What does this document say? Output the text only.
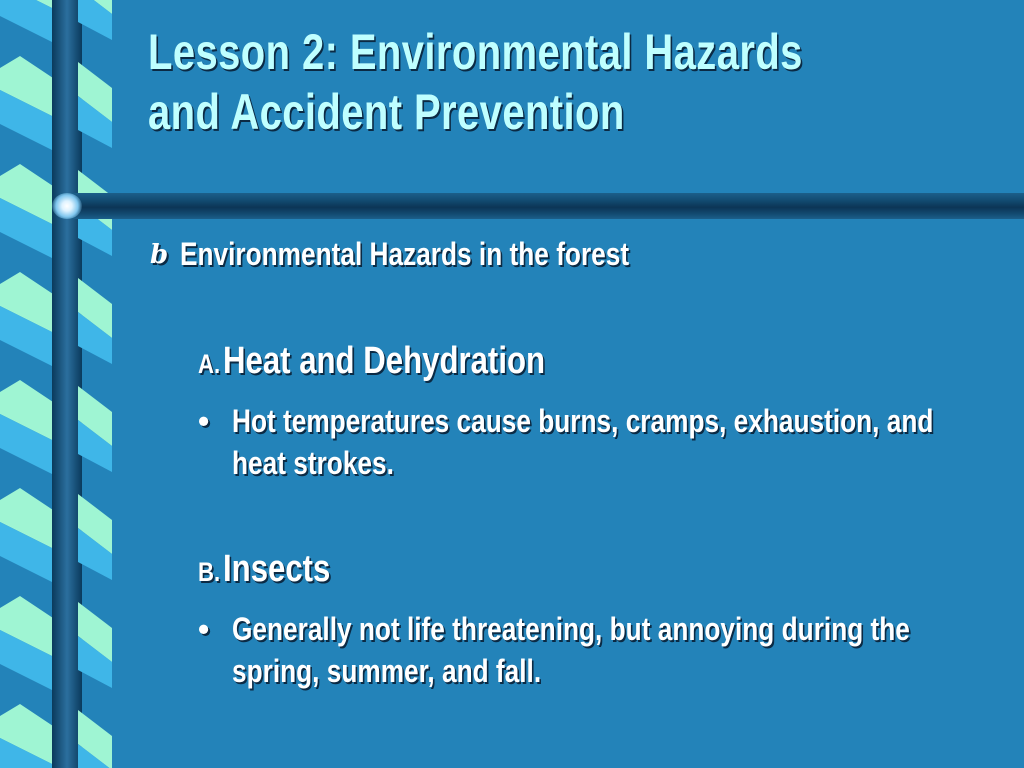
Lesson 2: Environmental Hazards
and Accident Prevention
b Environmental Hazards in the forest
A. Heat and Dehydration
• Hot temperatures cause burns, cramps, exhaustion, and heat strokes.
B. Insects
• Generally not life threatening, but annoying during the spring, summer, and fall.
